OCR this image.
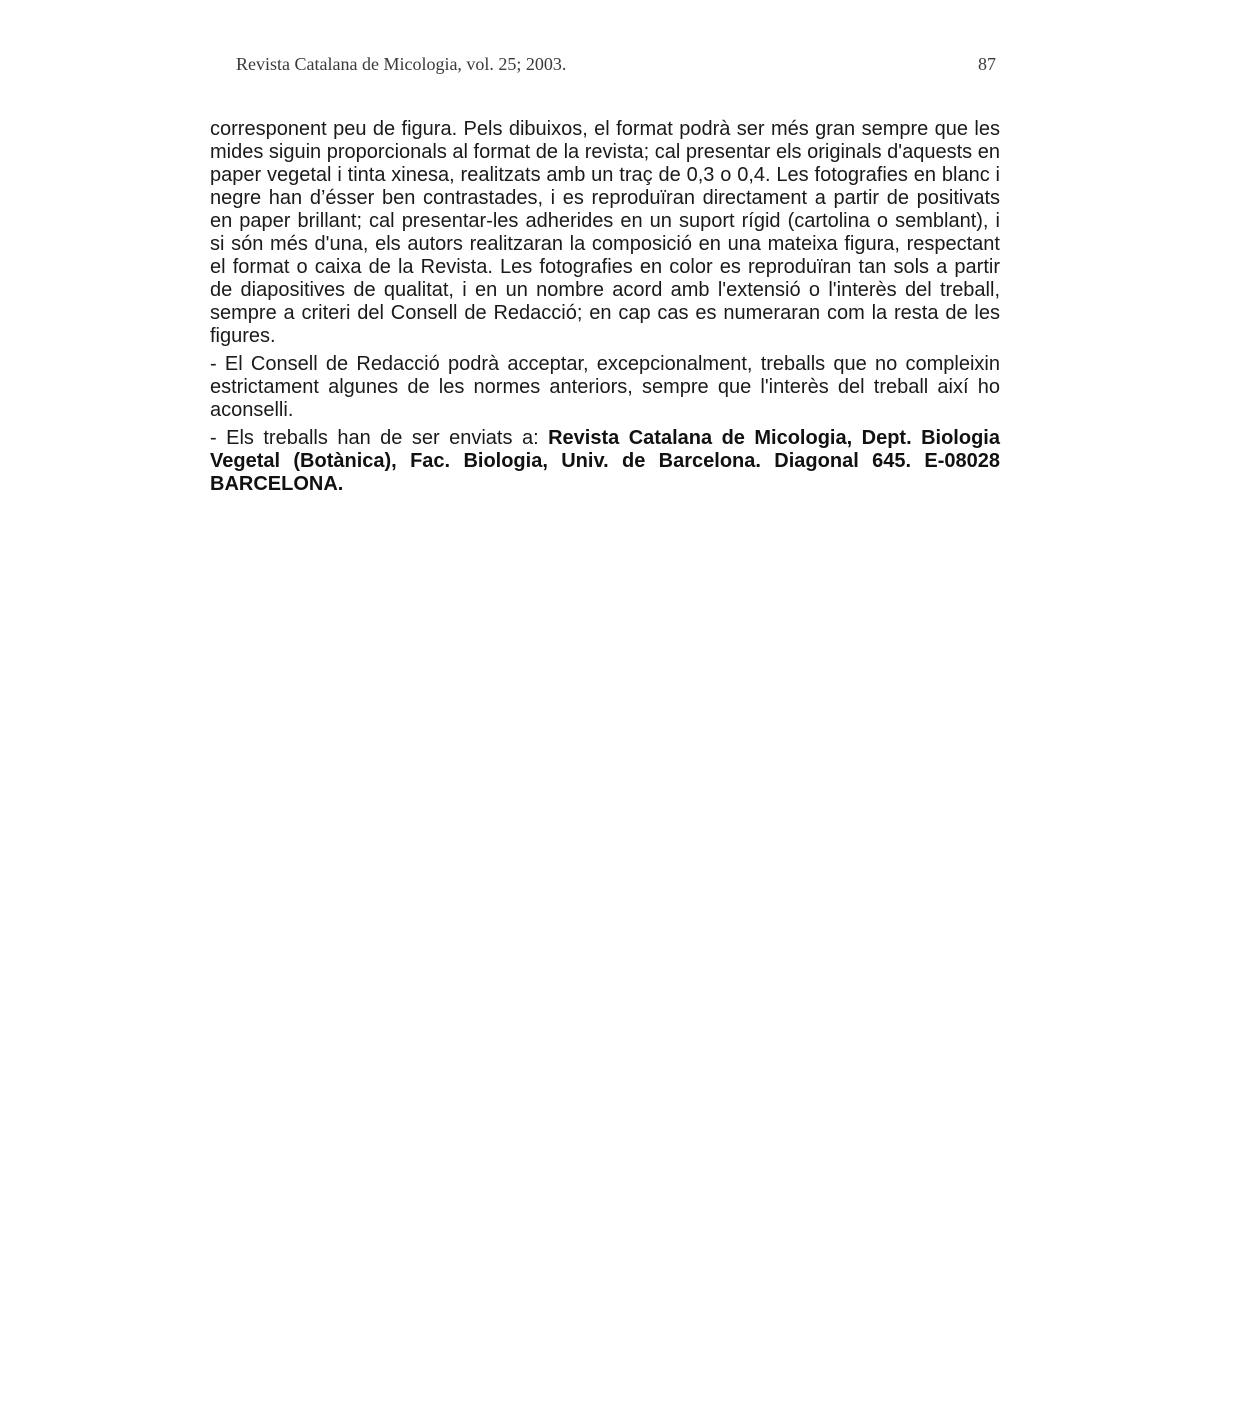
Revista Catalana de Micologia, vol. 25; 2003.	87

corresponent peu de figura. Pels dibuixos, el format podrà ser més gran sempre que les mides siguin proporcionals al format de la revista; cal presentar els originals d'aquests en paper vegetal i tinta xinesa, realitzats amb un traç de 0,3 o 0,4. Les fotografies en blanc i negre han d’ésser ben contrastades, i es reproduïran directament a partir de positivats en paper brillant; cal presentar-les adherides en un suport rígid (cartolina o semblant), i si són més d'una, els autors realitzaran la composició en una mateixa figura, respectant el format o caixa de la Revista. Les fotografies en color es reproduïran tan sols a partir de diapositives de qualitat, i en un nombre acord amb l'extensió o l'interès del treball, sempre a criteri del Consell de Redacció; en cap cas es numeraran com la resta de les figures.

- El Consell de Redacció podrà acceptar, excepcionalment, treballs que no compleixin estrictament algunes de les normes anteriors, sempre que l'interès del treball així ho aconselli.

- Els treballs han de ser enviats a: Revista Catalana de Micologia, Dept. Biologia Vegetal (Botànica), Fac. Biologia, Univ. de Barcelona. Diagonal 645. E-08028 BARCELONA.
